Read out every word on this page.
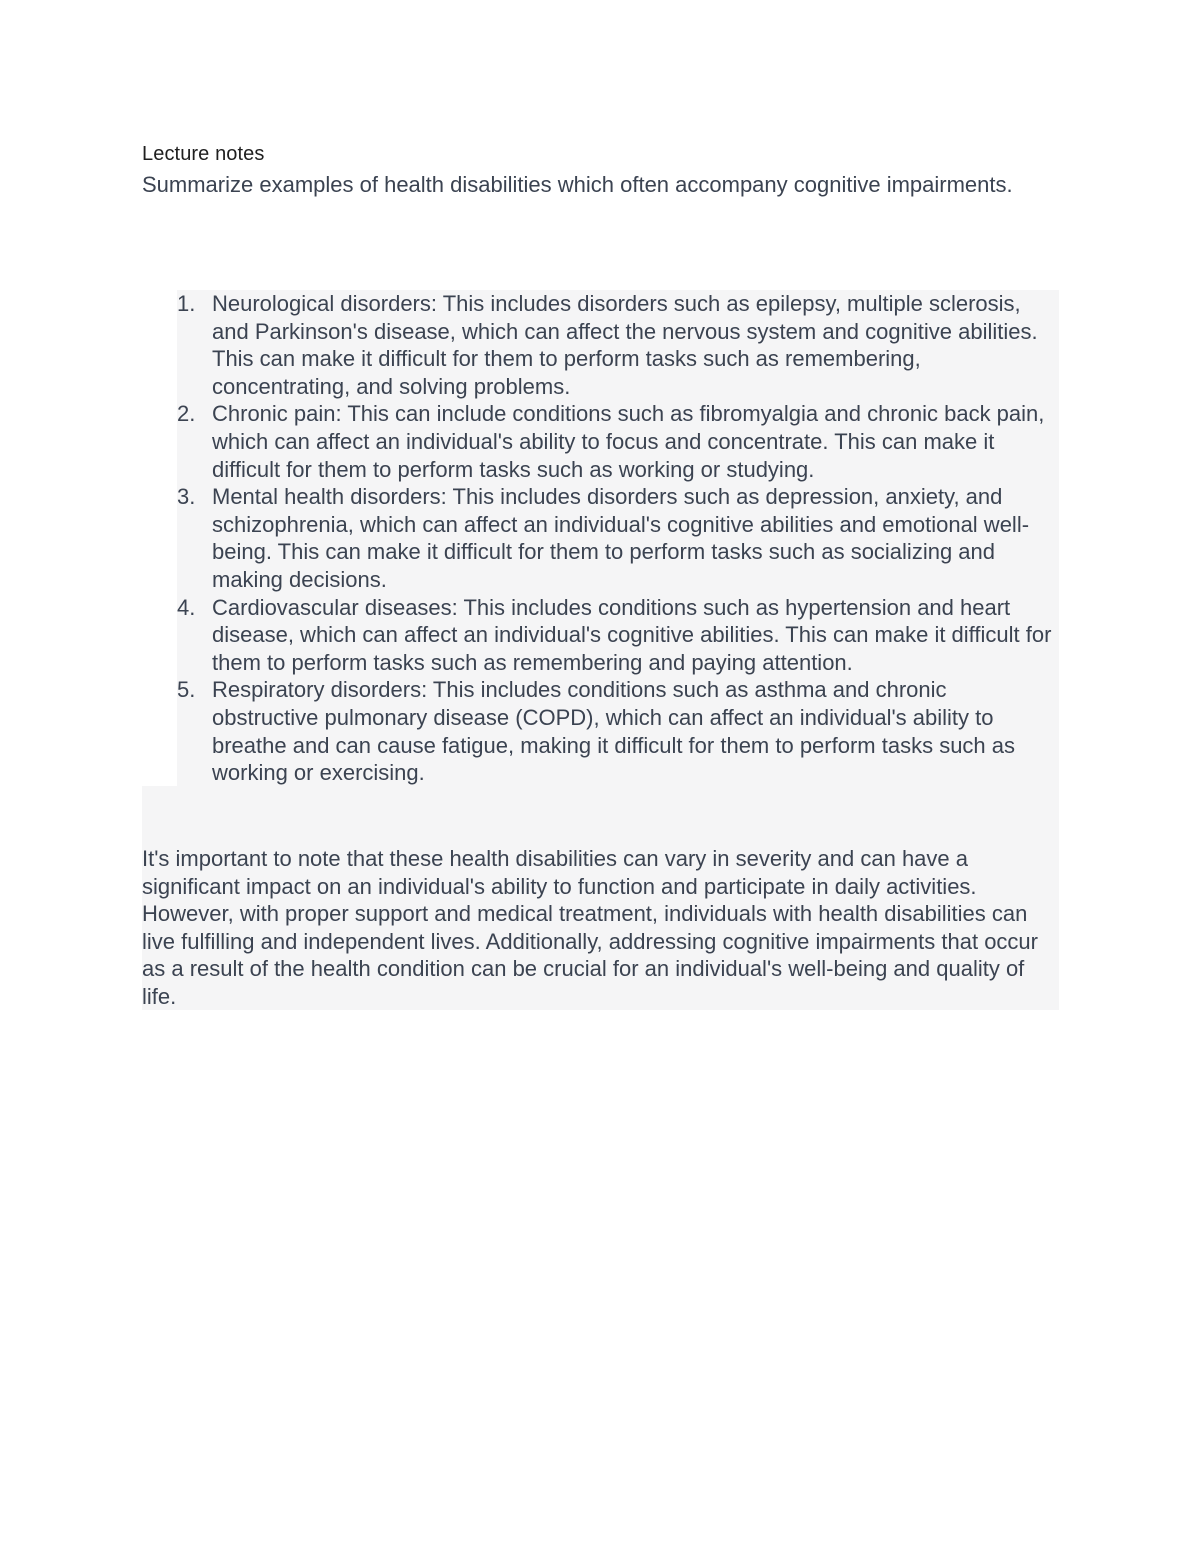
Lecture notes
Summarize examples of health disabilities which often accompany cognitive impairments.
1. Neurological disorders: This includes disorders such as epilepsy, multiple sclerosis, and Parkinson's disease, which can affect the nervous system and cognitive abilities. This can make it difficult for them to perform tasks such as remembering, concentrating, and solving problems.
2. Chronic pain: This can include conditions such as fibromyalgia and chronic back pain, which can affect an individual's ability to focus and concentrate. This can make it difficult for them to perform tasks such as working or studying.
3. Mental health disorders: This includes disorders such as depression, anxiety, and schizophrenia, which can affect an individual's cognitive abilities and emotional well-being. This can make it difficult for them to perform tasks such as socializing and making decisions.
4. Cardiovascular diseases: This includes conditions such as hypertension and heart disease, which can affect an individual's cognitive abilities. This can make it difficult for them to perform tasks such as remembering and paying attention.
5. Respiratory disorders: This includes conditions such as asthma and chronic obstructive pulmonary disease (COPD), which can affect an individual's ability to breathe and can cause fatigue, making it difficult for them to perform tasks such as working or exercising.

It's important to note that these health disabilities can vary in severity and can have a significant impact on an individual's ability to function and participate in daily activities. However, with proper support and medical treatment, individuals with health disabilities can live fulfilling and independent lives. Additionally, addressing cognitive impairments that occur as a result of the health condition can be crucial for an individual's well-being and quality of life.
